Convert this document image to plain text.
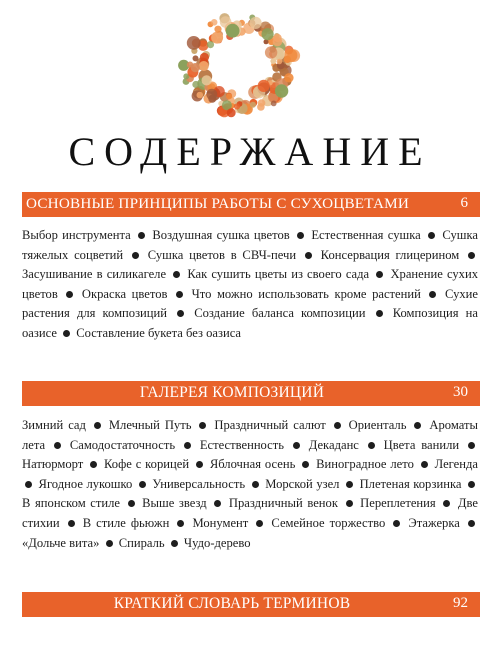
СОДЕРЖАНИЕ
ОСНОВНЫЕ ПРИНЦИПЫ РАБОТЫ С СУХОЦВЕТАМИ	6
Выбор инструмента Воздушная сушка цветов Естественная сушка Сушка тяжелых соцветий Сушка цветов в СВЧ-печи Консервация глицерином  Засушивание в силикагеле Как сушить цветы из своего сада Хранение сухих цветов Окраска цветов Что можно использовать кроме растений Сухие растения для композиций Создание баланса композиции Композиция на оазисе Составление букета без оазиса
ГАЛЕРЕЯ КОМПОЗИЦИЙ	30
Зимний сад Млечный Путь Праздничный салют Ориенталь Ароматы лета Самодостаточность Естественность Декаданс Цвета ванили  Натюрморт Кофе с корицей Яблочная осень Виноградное лето Легенда  Ягодное лукошко Универсальность Морской узел Плетеная корзинка  В японском стиле Выше звезд Праздничный венок Переплетения Две стихии В стиле фьюжн Монумент Семейное торжество Этажерка  «Дольче вита» Спираль Чудо-дерево
КРАТКИЙ СЛОВАРЬ ТЕРМИНОВ	92
